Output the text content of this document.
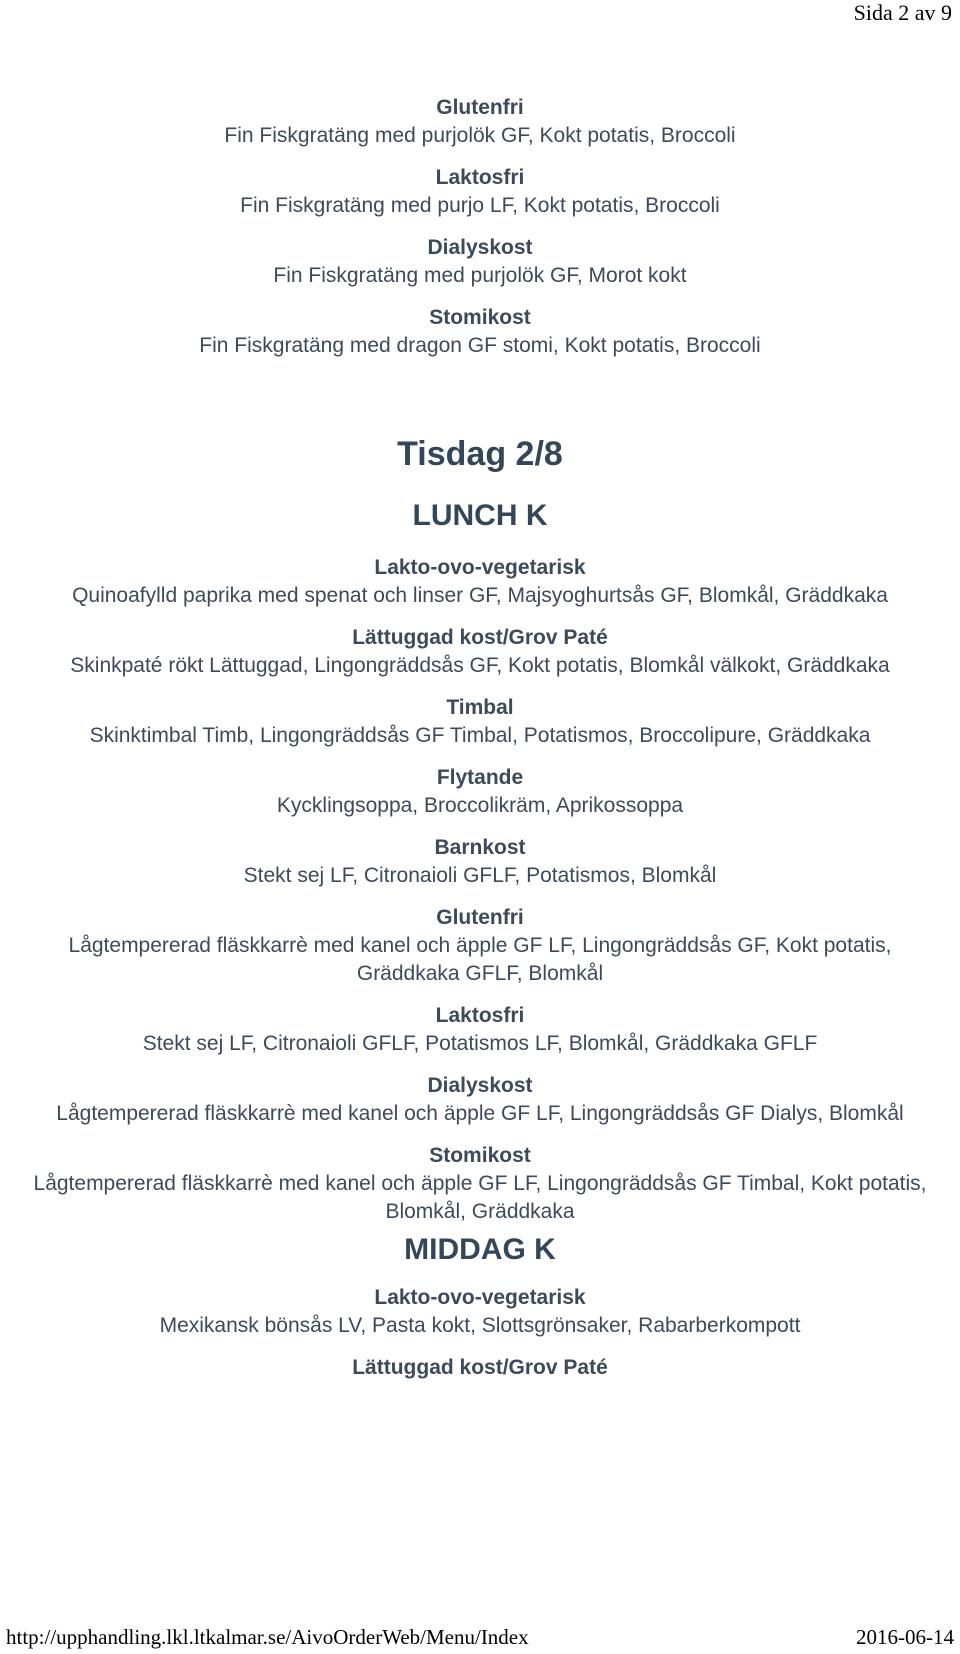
Sida 2 av 9
Glutenfri
Fin Fiskgratäng med purjolök GF, Kokt potatis, Broccoli
Laktosfri
Fin Fiskgratäng med purjo LF, Kokt potatis, Broccoli
Dialyskost
Fin Fiskgratäng med purjolök GF, Morot kokt
Stomikost
Fin Fiskgratäng med dragon GF stomi, Kokt potatis, Broccoli
Tisdag 2/8
LUNCH K
Lakto-ovo-vegetarisk
Quinoafylld paprika med spenat och linser GF, Majsyoghurtsås GF, Blomkål, Gräddkaka
Lättuggad kost/Grov Paté
Skinkpaté rökt Lättuggad, Lingongräddsås GF, Kokt potatis, Blomkål välkokt, Gräddkaka
Timbal
Skinktimbal Timb, Lingongräddsås GF Timbal, Potatismos, Broccolipure, Gräddkaka
Flytande
Kycklingsoppa, Broccolikräm, Aprikossoppa
Barnkost
Stekt sej LF, Citronaioli GFLF, Potatismos, Blomkål
Glutenfri
Lågtempererad fläskkarrè med kanel och äpple GF LF, Lingongräddsås GF, Kokt potatis, Gräddkaka GFLF, Blomkål
Laktosfri
Stekt sej LF, Citronaioli GFLF, Potatismos LF, Blomkål, Gräddkaka GFLF
Dialyskost
Lågtempererad fläskkarrè med kanel och äpple GF LF, Lingongräddsås GF Dialys, Blomkål
Stomikost
Lågtempererad fläskkarrè med kanel och äpple GF LF, Lingongräddsås GF Timbal, Kokt potatis, Blomkål, Gräddkaka
MIDDAG K
Lakto-ovo-vegetarisk
Mexikansk bönsås LV, Pasta kokt, Slottsgrönsaker, Rabarberkompott
Lättuggad kost/Grov Paté
http://upphandling.lkl.ltkalmar.se/AivoOrderWeb/Menu/Index	2016-06-14
